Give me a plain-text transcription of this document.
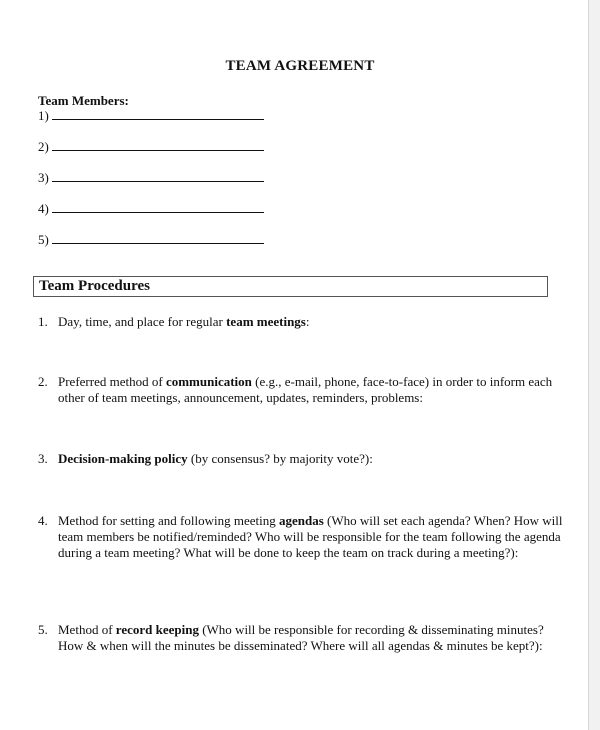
TEAM AGREEMENT
Team Members:
1)
2)
3)
4)
5)
Team Procedures
1. Day, time, and place for regular team meetings:
2. Preferred method of communication (e.g., e-mail, phone, face-to-face) in order to inform each other of team meetings, announcement, updates, reminders, problems:
3. Decision-making policy (by consensus? by majority vote?):
4. Method for setting and following meeting agendas (Who will set each agenda? When? How will team members be notified/reminded? Who will be responsible for the team following the agenda during a team meeting? What will be done to keep the team on track during a meeting?):
5. Method of record keeping (Who will be responsible for recording & disseminating minutes? How & when will the minutes be disseminated? Where will all agendas & minutes be kept?):
